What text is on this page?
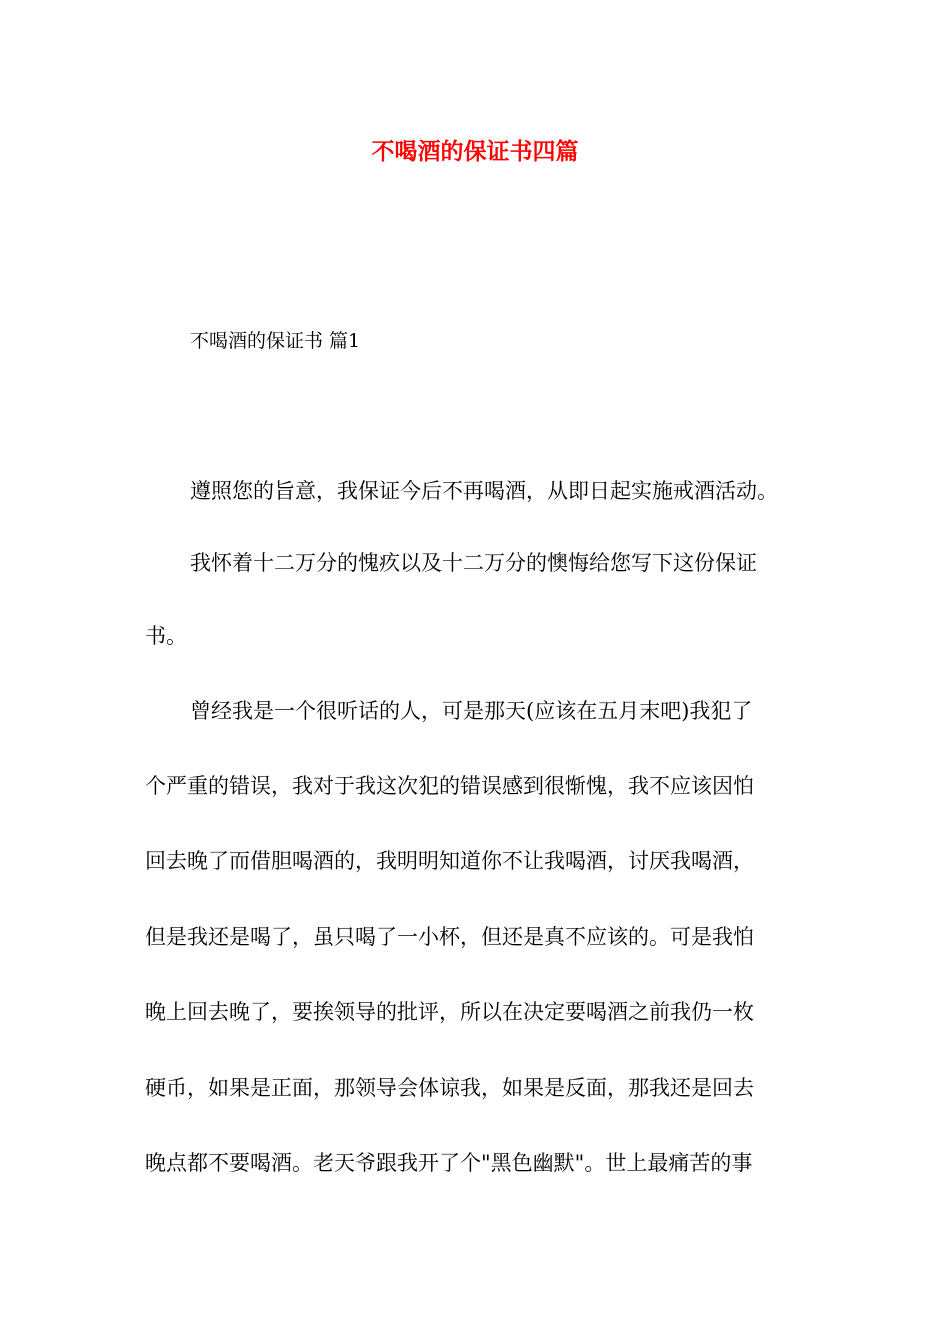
不喝酒的保证书四篇

不喝酒的保证书 篇1

遵照您的旨意，我保证今后不再喝酒，从即日起实施戒酒活动。

我怀着十二万分的愧疚以及十二万分的懊悔给您写下这份保证

书。

曾经我是一个很听话的人，可是那天(应该在五月末吧)我犯了

个严重的错误，我对于我这次犯的错误感到很惭愧，我不应该因怕

回去晚了而借胆喝酒的，我明明知道你不让我喝酒，讨厌我喝酒，

但是我还是喝了，虽只喝了一小杯，但还是真不应该的。可是我怕

晚上回去晚了，要挨领导的批评，所以在决定要喝酒之前我仍一枚

硬币，如果是正面，那领导会体谅我，如果是反面，那我还是回去

晚点都不要喝酒。老天爷跟我开了个"黑色幽默"。世上最痛苦的事
